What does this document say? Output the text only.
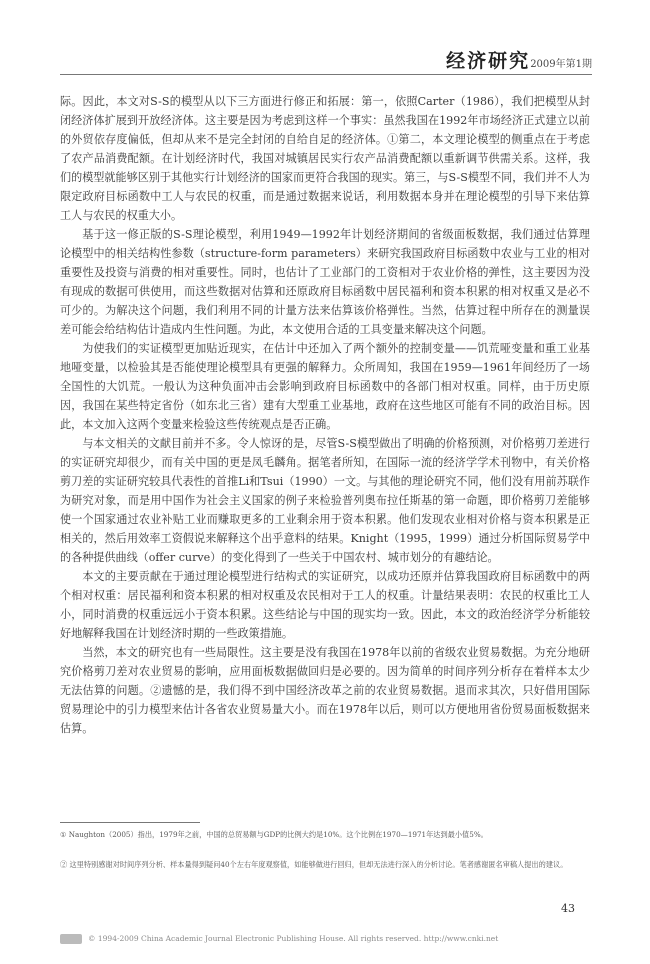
经济研究2009年第1期

际。因此，本文对S-S的模型从以下三方面进行修正和拓展：第一，依照Carter（1986），我们把模型从封闭经济体扩展到开放经济体。这主要是因为考虑到这样一个事实：虽然我国在1992年市场经济正式建立以前的外贸依存度偏低，但却从来不是完全封闭的自给自足的经济体。①第二，本文理论模型的侧重点在于考虑了农产品消费配额。在计划经济时代，我国对城镇居民实行农产品消费配额以重新调节供需关系。这样，我们的模型就能够区别于其他实行计划经济的国家而更符合我国的现实。第三，与S-S模型不同，我们并不人为限定政府目标函数中工人与农民的权重，而是通过数据来说话，利用数据本身并在理论模型的引导下来估算工人与农民的权重大小。

基于这一修正版的S-S理论模型，利用1949—1992年计划经济期间的省级面板数据，我们通过估算理论模型中的相关结构性参数（structure-form parameters）来研究我国政府目标函数中农业与工业的相对重要性及投资与消费的相对重要性。同时，也估计了工业部门的工资相对于农业价格的弹性，这主要因为没有现成的数据可供使用，而这些数据对估算和还原政府目标函数中居民福利和资本积累的相对权重又是必不可少的。为解决这个问题，我们利用不同的计量方法来估算该价格弹性。当然，估算过程中所存在的测量误差可能会给结构估计造成内生性问题。为此，本文使用合适的工具变量来解决这个问题。

为使我们的实证模型更加贴近现实，在估计中还加入了两个额外的控制变量——饥荒哑变量和重工业基地哑变量，以检验其是否能使理论模型具有更强的解释力。众所周知，我国在1959—1961年间经历了一场全国性的大饥荒。一般认为这种负面冲击会影响到政府目标函数中的各部门相对权重。同样，由于历史原因，我国在某些特定省份（如东北三省）建有大型重工业基地，政府在这些地区可能有不同的政治目标。因此，本文加入这两个变量来检验这些传统观点是否正确。

与本文相关的文献目前并不多。令人惊讶的是，尽管S-S模型做出了明确的价格预测，对价格剪刀差进行的实证研究却很少，而有关中国的更是凤毛麟角。据笔者所知，在国际一流的经济学学术刊物中，有关价格剪刀差的实证研究较具代表性的首推Li和Tsui（1990）一文。与其他的理论研究不同，他们没有用前苏联作为研究对象，而是用中国作为社会主义国家的例子来检验普列奥布拉任斯基的第一命题，即价格剪刀差能够使一个国家通过农业补贴工业而赚取更多的工业剩余用于资本积累。他们发现农业相对价格与资本积累是正相关的，然后用效率工资假说来解释这个出乎意料的结果。Knight（1995，1999）通过分析国际贸易学中的各种提供曲线（offer curve）的变化得到了一些关于中国农村、城市划分的有趣结论。

本文的主要贡献在于通过理论模型进行结构式的实证研究，以成功还原并估算我国政府目标函数中的两个相对权重：居民福利和资本积累的相对权重及农民相对于工人的权重。计量结果表明：农民的权重比工人小，同时消费的权重远远小于资本积累。这些结论与中国的现实均一致。因此，本文的政治经济学分析能较好地解释我国在计划经济时期的一些政策措施。

当然，本文的研究也有一些局限性。这主要是没有我国在1978年以前的省级农业贸易数据。为充分地研究价格剪刀差对农业贸易的影响，应用面板数据做回归是必要的。因为简单的时间序列分析存在着样本太少无法估算的问题。②遗憾的是，我们得不到中国经济改革之前的农业贸易数据。退而求其次，只好借用国际贸易理论中的引力模型来估计各省农业贸易量大小。而在1978年以后，则可以方便地用省份贸易面板数据来估算。

① Naughton（2005）指出，1979年之前，中国的总贸易额与GDP的比例大约是10%。这个比例在1970—1971年达到最小值5%。
② 这里特别感谢对时间序列分析、样本量得到疑问40个左右年度观察值，如能够做进行回归，但却无法进行深入的分析讨论。笔者感谢匿名审稿人提出的建议。
43
© 1994-2009 China Academic Journal Electronic Publishing House. All rights reserved. http://www.cnki.net
